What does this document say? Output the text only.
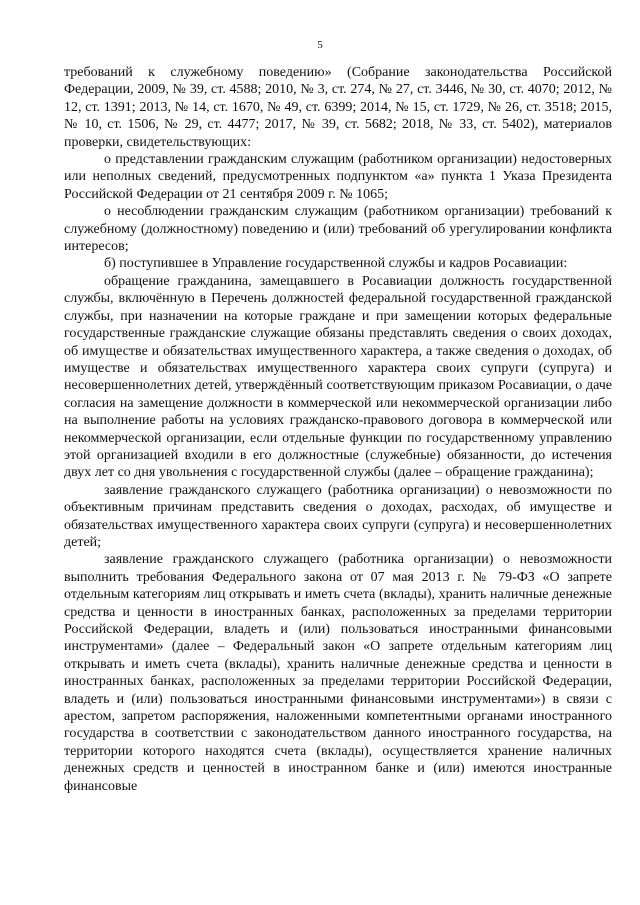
5

требований к служебному поведению» (Собрание законодательства Российской Федерации, 2009, № 39, ст. 4588; 2010, № 3, ст. 274, № 27, ст. 3446, № 30, ст. 4070; 2012, № 12, ст. 1391; 2013, № 14, ст. 1670, № 49, ст. 6399; 2014, № 15, ст. 1729, № 26, ст. 3518; 2015, № 10, ст. 1506, № 29, ст. 4477; 2017, № 39, ст. 5682; 2018, № 33, ст. 5402), материалов проверки, свидетельствующих:

о представлении гражданским служащим (работником организации) недостоверных или неполных сведений, предусмотренных подпунктом «а» пункта 1 Указа Президента Российской Федерации от 21 сентября 2009 г. № 1065;

о несоблюдении гражданским служащим (работником организации) требований к служебному (должностному) поведению и (или) требований об урегулировании конфликта интересов;

б) поступившее в Управление государственной службы и кадров Росавиации:

обращение гражданина, замещавшего в Росавиации должность государственной службы, включённую в Перечень должностей федеральной государственной гражданской службы, при назначении на которые граждане и при замещении которых федеральные государственные гражданские служащие обязаны представлять сведения о своих доходах, об имуществе и обязательствах имущественного характера, а также сведения о доходах, об имуществе и обязательствах имущественного характера своих супруги (супруга) и несовершеннолетних детей, утверждённый соответствующим приказом Росавиации, о даче согласия на замещение должности в коммерческой или некоммерческой организации либо на выполнение работы на условиях гражданско-правового договора в коммерческой или некоммерческой организации, если отдельные функции по государственному управлению этой организацией входили в его должностные (служебные) обязанности, до истечения двух лет со дня увольнения с государственной службы (далее – обращение гражданина);

заявление гражданского служащего (работника организации) о невозможности по объективным причинам представить сведения о доходах, расходах, об имуществе и обязательствах имущественного характера своих супруги (супруга) и несовершеннолетних детей;

заявление гражданского служащего (работника организации) о невозможности выполнить требования Федерального закона от 07 мая 2013 г. № 79-ФЗ «О запрете отдельным категориям лиц открывать и иметь счета (вклады), хранить наличные денежные средства и ценности в иностранных банках, расположенных за пределами территории Российской Федерации, владеть и (или) пользоваться иностранными финансовыми инструментами» (далее – Федеральный закон «О запрете отдельным категориям лиц открывать и иметь счета (вклады), хранить наличные денежные средства и ценности в иностранных банках, расположенных за пределами территории Российской Федерации, владеть и (или) пользоваться иностранными финансовыми инструментами») в связи с арестом, запретом распоряжения, наложенными компетентными органами иностранного государства в соответствии с законодательством данного иностранного государства, на территории которого находятся счета (вклады), осуществляется хранение наличных денежных средств и ценностей в иностранном банке и (или) имеются иностранные финансовые
